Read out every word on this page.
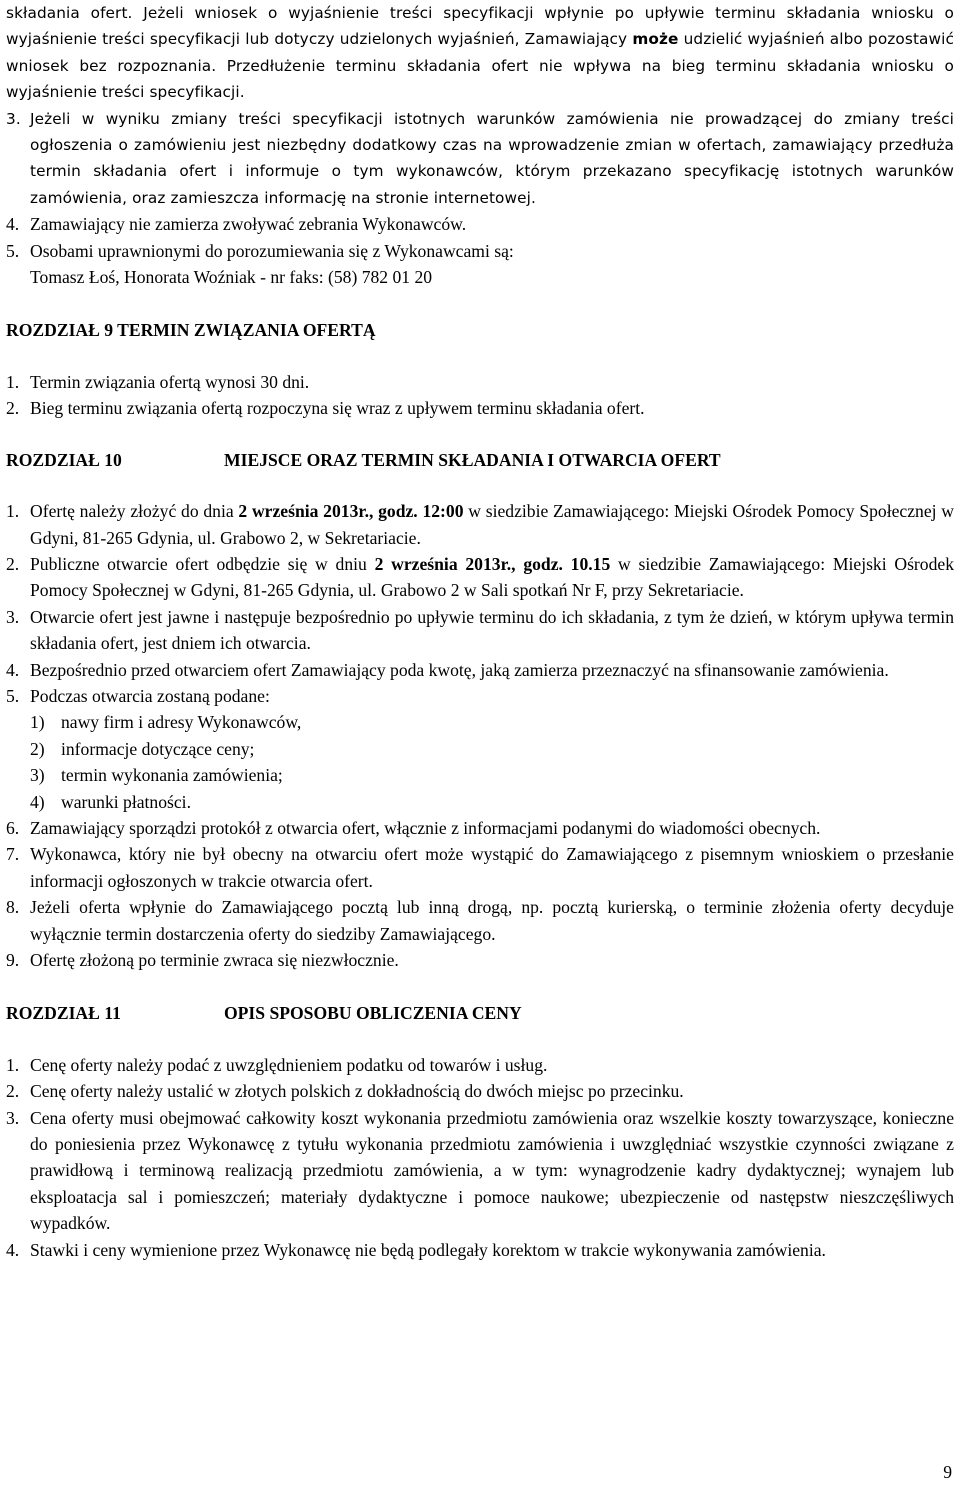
składania ofert. Jeżeli wniosek o wyjaśnienie treści specyfikacji wpłynie po upływie terminu składania wniosku o wyjaśnienie treści specyfikacji lub dotyczy udzielonych wyjaśnień, Zamawiający może udzielić wyjaśnień albo pozostawić wniosek bez rozpoznania. Przedłużenie terminu składania ofert nie wpływa na bieg terminu składania wniosku o wyjaśnienie treści specyfikacji.

3. Jeżeli w wyniku zmiany treści specyfikacji istotnych warunków zamówienia nie prowadzącej do zmiany treści ogłoszenia o zamówieniu jest niezbędny dodatkowy czas na wprowadzenie zmian w ofertach, zamawiający przedłuża termin składania ofert i informuje o tym wykonawców, którym przekazano specyfikację istotnych warunków zamówienia, oraz zamieszcza informację na stronie internetowej.
4. Zamawiający nie zamierza zwoływać zebrania Wykonawców.
5. Osobami uprawnionymi do porozumiewania się z Wykonawcami są:
Tomasz Łoś, Honorata Woźniak - nr faks: (58) 782 01 20
ROZDZIAŁ 9 TERMIN ZWIĄZANIA OFERTĄ
1. Termin związania ofertą wynosi 30 dni.
2. Bieg terminu związania ofertą rozpoczyna się wraz z upływem terminu składania ofert.
ROZDZIAŁ 10	MIEJSCE ORAZ TERMIN SKŁADANIA I OTWARCIA OFERT
1. Ofertę należy złożyć do dnia 2 września 2013r., godz. 12:00 w siedzibie Zamawiającego: Miejski Ośrodek Pomocy Społecznej w Gdyni, 81-265 Gdynia, ul. Grabowo 2, w Sekretariacie.
2. Publiczne otwarcie ofert odbędzie się w dniu 2 września 2013r., godz. 10.15 w siedzibie Zamawiającego: Miejski Ośrodek Pomocy Społecznej w Gdyni, 81-265 Gdynia, ul. Grabowo 2 w Sali spotkań Nr F, przy Sekretariacie.
3. Otwarcie ofert jest jawne i następuje bezpośrednio po upływie terminu do ich składania, z tym że dzień, w którym upływa termin składania ofert, jest dniem ich otwarcia.
4. Bezpośrednio przed otwarciem ofert Zamawiający poda kwotę, jaką zamierza przeznaczyć na sfinansowanie zamówienia.
5. Podczas otwarcia zostaną podane:
1) nawy firm i adresy Wykonawców,
2) informacje dotyczące ceny;
3) termin wykonania zamówienia;
4) warunki płatności.
6. Zamawiający sporządzi protokół z otwarcia ofert, włącznie z informacjami podanymi do wiadomości obecnych.
7. Wykonawca, który nie był obecny na otwarciu ofert może wystąpić do Zamawiającego z pisemnym wnioskiem o przesłanie informacji ogłoszonych w trakcie otwarcia ofert.
8. Jeżeli oferta wpłynie do Zamawiającego pocztą lub inną drogą, np. pocztą kurierską, o terminie złożenia oferty decyduje wyłącznie termin dostarczenia oferty do siedziby Zamawiającego.
9. Ofertę złożoną po terminie zwraca się niezwłocznie.
ROZDZIAŁ 11	OPIS SPOSOBU OBLICZENIA CENY
1. Cenę oferty należy podać z uwzględnieniem podatku od towarów i usług.
2. Cenę oferty należy ustalić w złotych polskich z dokładnością do dwóch miejsc po przecinku.
3. Cena oferty musi obejmować całkowity koszt wykonania przedmiotu zamówienia oraz wszelkie koszty towarzyszące, konieczne do poniesienia przez Wykonawcę z tytułu wykonania przedmiotu zamówienia i uwzględniać wszystkie czynności związane z prawidłową i terminową realizacją przedmiotu zamówienia, a w tym: wynagrodzenie kadry dydaktycznej; wynajem lub eksploatacja sal i pomieszczeń; materiały dydaktyczne i pomoce naukowe; ubezpieczenie od następstw nieszczęśliwych wypadków.
4. Stawki i ceny wymienione przez Wykonawcę nie będą podlegały korektom w trakcie wykonywania zamówienia.
9
